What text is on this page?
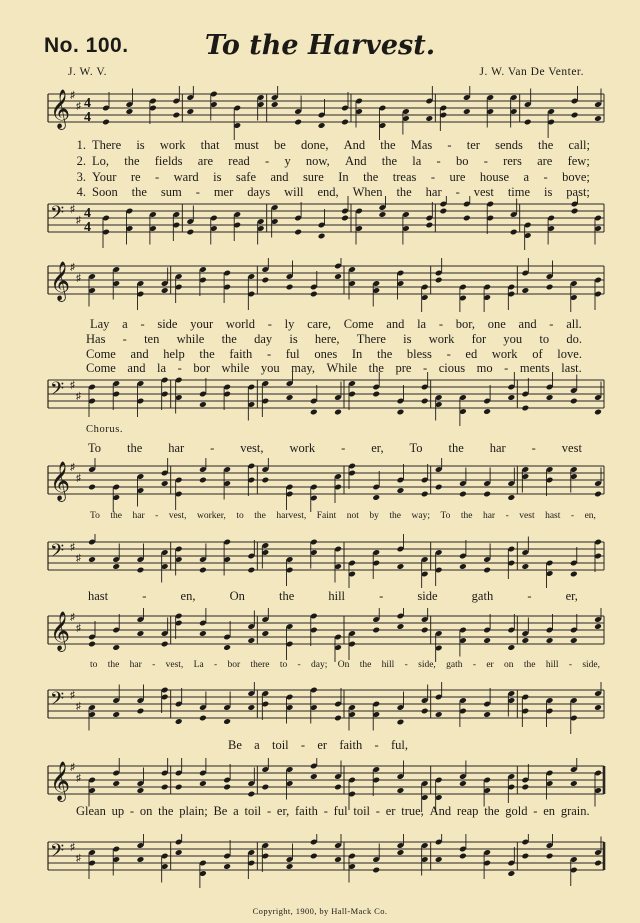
No. 100.	To the Harvest.
J. W. V.	J. W. Van De Venter.
𝄞 ♯
♯ 4
4
𝄢 ♯
♯ 4
4
𝄞 ♯
♯
𝄢 ♯
♯
𝄞 ♯
♯
𝄢 ♯
♯
𝄞 ♯
♯
𝄢 ♯
♯
𝄞 ♯
♯
𝄢 ♯
♯
1. There is work that must be done, And the Mas - ter sends the call;
2. Lo, the fields are read - y now, And the la - bo - rers are few;
3. Your re - ward is safe and sure In the treas - ure house a - bove;
4. Soon the sum - mer days will end, When the har - vest time is past;
Lay a - side your world - ly care, Come and la - bor, one and - all.
Has - ten while the day is here, There is work for you to do.
Come and help the faith - ful ones In the bless - ed work of love.
Come and la - bor while you may, While the pre - cious mo - ments last.
Chorus.
To the har - vest, work - er, To the har - vest
To the har - vest, worker, to the harvest, Faint not by the way; To the har - vest hast - en,
hast	-	en,	On	the	hill	-	side	gath	-	er,
to the har - vest, La - bor there to - day; On the hill - side, gath - er on the hill - side,
Be a toil - er faith - ful,
Glean up - on the plain; Be a toil - er, faith - ful toil - er true, And reap the gold - en grain.
Copyright, 1900, by Hall-Mack Co.
